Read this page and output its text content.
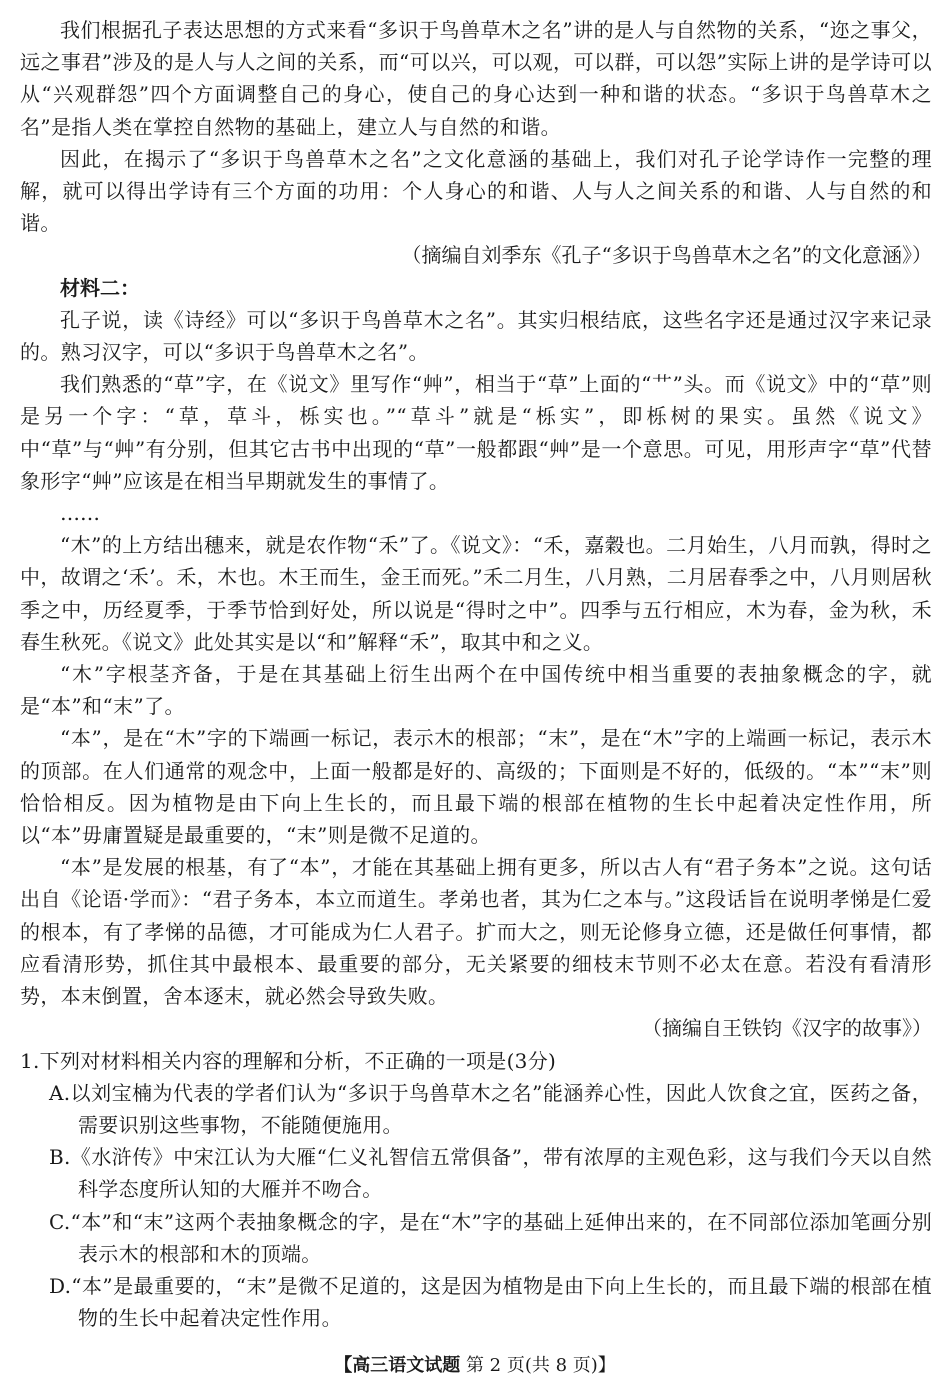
我们根据孔子表达思想的方式来看“多识于鸟兽草木之名”讲的是人与自然物的关系，“迩之事父，远之事君”涉及的是人与人之间的关系，而“可以兴，可以观，可以群，可以怨”实际上讲的是学诗可以从“兴观群怨”四个方面调整自己的身心，使自己的身心达到一种和谐的状态。“多识于鸟兽草木之名”是指人类在掌控自然物的基础上，建立人与自然的和谐。

因此，在揭示了“多识于鸟兽草木之名”之文化意涵的基础上，我们对孔子论学诗作一完整的理解，就可以得出学诗有三个方面的功用：个人身心的和谐、人与人之间关系的和谐、人与自然的和谐。

（摘编自刘季东《孔子“多识于鸟兽草木之名”的文化意涵》）

材料二：

孔子说，读《诗经》可以“多识于鸟兽草木之名”。其实归根结底，这些名字还是通过汉字来记录的。熟习汉字，可以“多识于鸟兽草木之名”。

我们熟悉的“草”字，在《说文》里写作“艸”，相当于“草”上面的“艹”头。而《说文》中的“草”则是另一个字：“草，草斗，栎实也。”“草斗”就是“栎实”，即栎树的果实。虽然《说文》中“草”与“艸”有分别，但其它古书中出现的“草”一般都跟“艸”是一个意思。可见，用形声字“草”代替象形字“艸”应该是在相当早期就发生的事情了。

……

“木”的上方结出穗来，就是农作物“禾”了。《说文》：“禾，嘉穀也。二月始生，八月而孰，得时之中，故谓之‘禾’。禾，木也。木王而生，金王而死。”禾二月生，八月熟，二月居春季之中，八月则居秋季之中，历经夏季，于季节恰到好处，所以说是“得时之中”。四季与五行相应，木为春，金为秋，禾春生秋死。《说文》此处其实是以“和”解释“禾”，取其中和之义。

“木”字根茎齐备，于是在其基础上衍生出两个在中国传统中相当重要的表抽象概念的字，就是“本”和“末”了。

“本”，是在“木”字的下端画一标记，表示木的根部；“末”，是在“木”字的上端画一标记，表示木的顶部。在人们通常的观念中，上面一般都是好的、高级的；下面则是不好的，低级的。“本”“末”则恰恰相反。因为植物是由下向上生长的，而且最下端的根部在植物的生长中起着决定性作用，所以“本”毋庸置疑是最重要的，“末”则是微不足道的。

“本”是发展的根基，有了“本”，才能在其基础上拥有更多，所以古人有“君子务本”之说。这句话出自《论语·学而》：“君子务本，本立而道生。孝弟也者，其为仁之本与。”这段话旨在说明孝悌是仁爱的根本，有了孝悌的品德，才可能成为仁人君子。扩而大之，则无论修身立德，还是做任何事情，都应看清形势，抓住其中最根本、最重要的部分，无关紧要的细枝末节则不必太在意。若没有看清形势，本末倒置，舍本逐末，就必然会导致失败。

（摘编自王铁钧《汉字的故事》）

1.下列对材料相关内容的理解和分析，不正确的一项是(3分)

A.以刘宝楠为代表的学者们认为“多识于鸟兽草木之名”能涵养心性，因此人饮食之宜，医药之备，需要识别这些事物，不能随便施用。

B.《水浒传》中宋江认为大雁“仁义礼智信五常俱备”，带有浓厚的主观色彩，这与我们今天以自然科学态度所认知的大雁并不吻合。

C.“本”和“末”这两个表抽象概念的字，是在“木”字的基础上延伸出来的，在不同部位添加笔画分别表示木的根部和木的顶端。

D.“本”是最重要的，“末”是微不足道的，这是因为植物是由下向上生长的，而且最下端的根部在植物的生长中起着决定性作用。

【高三语文试题 第 2 页(共 8 页)】
